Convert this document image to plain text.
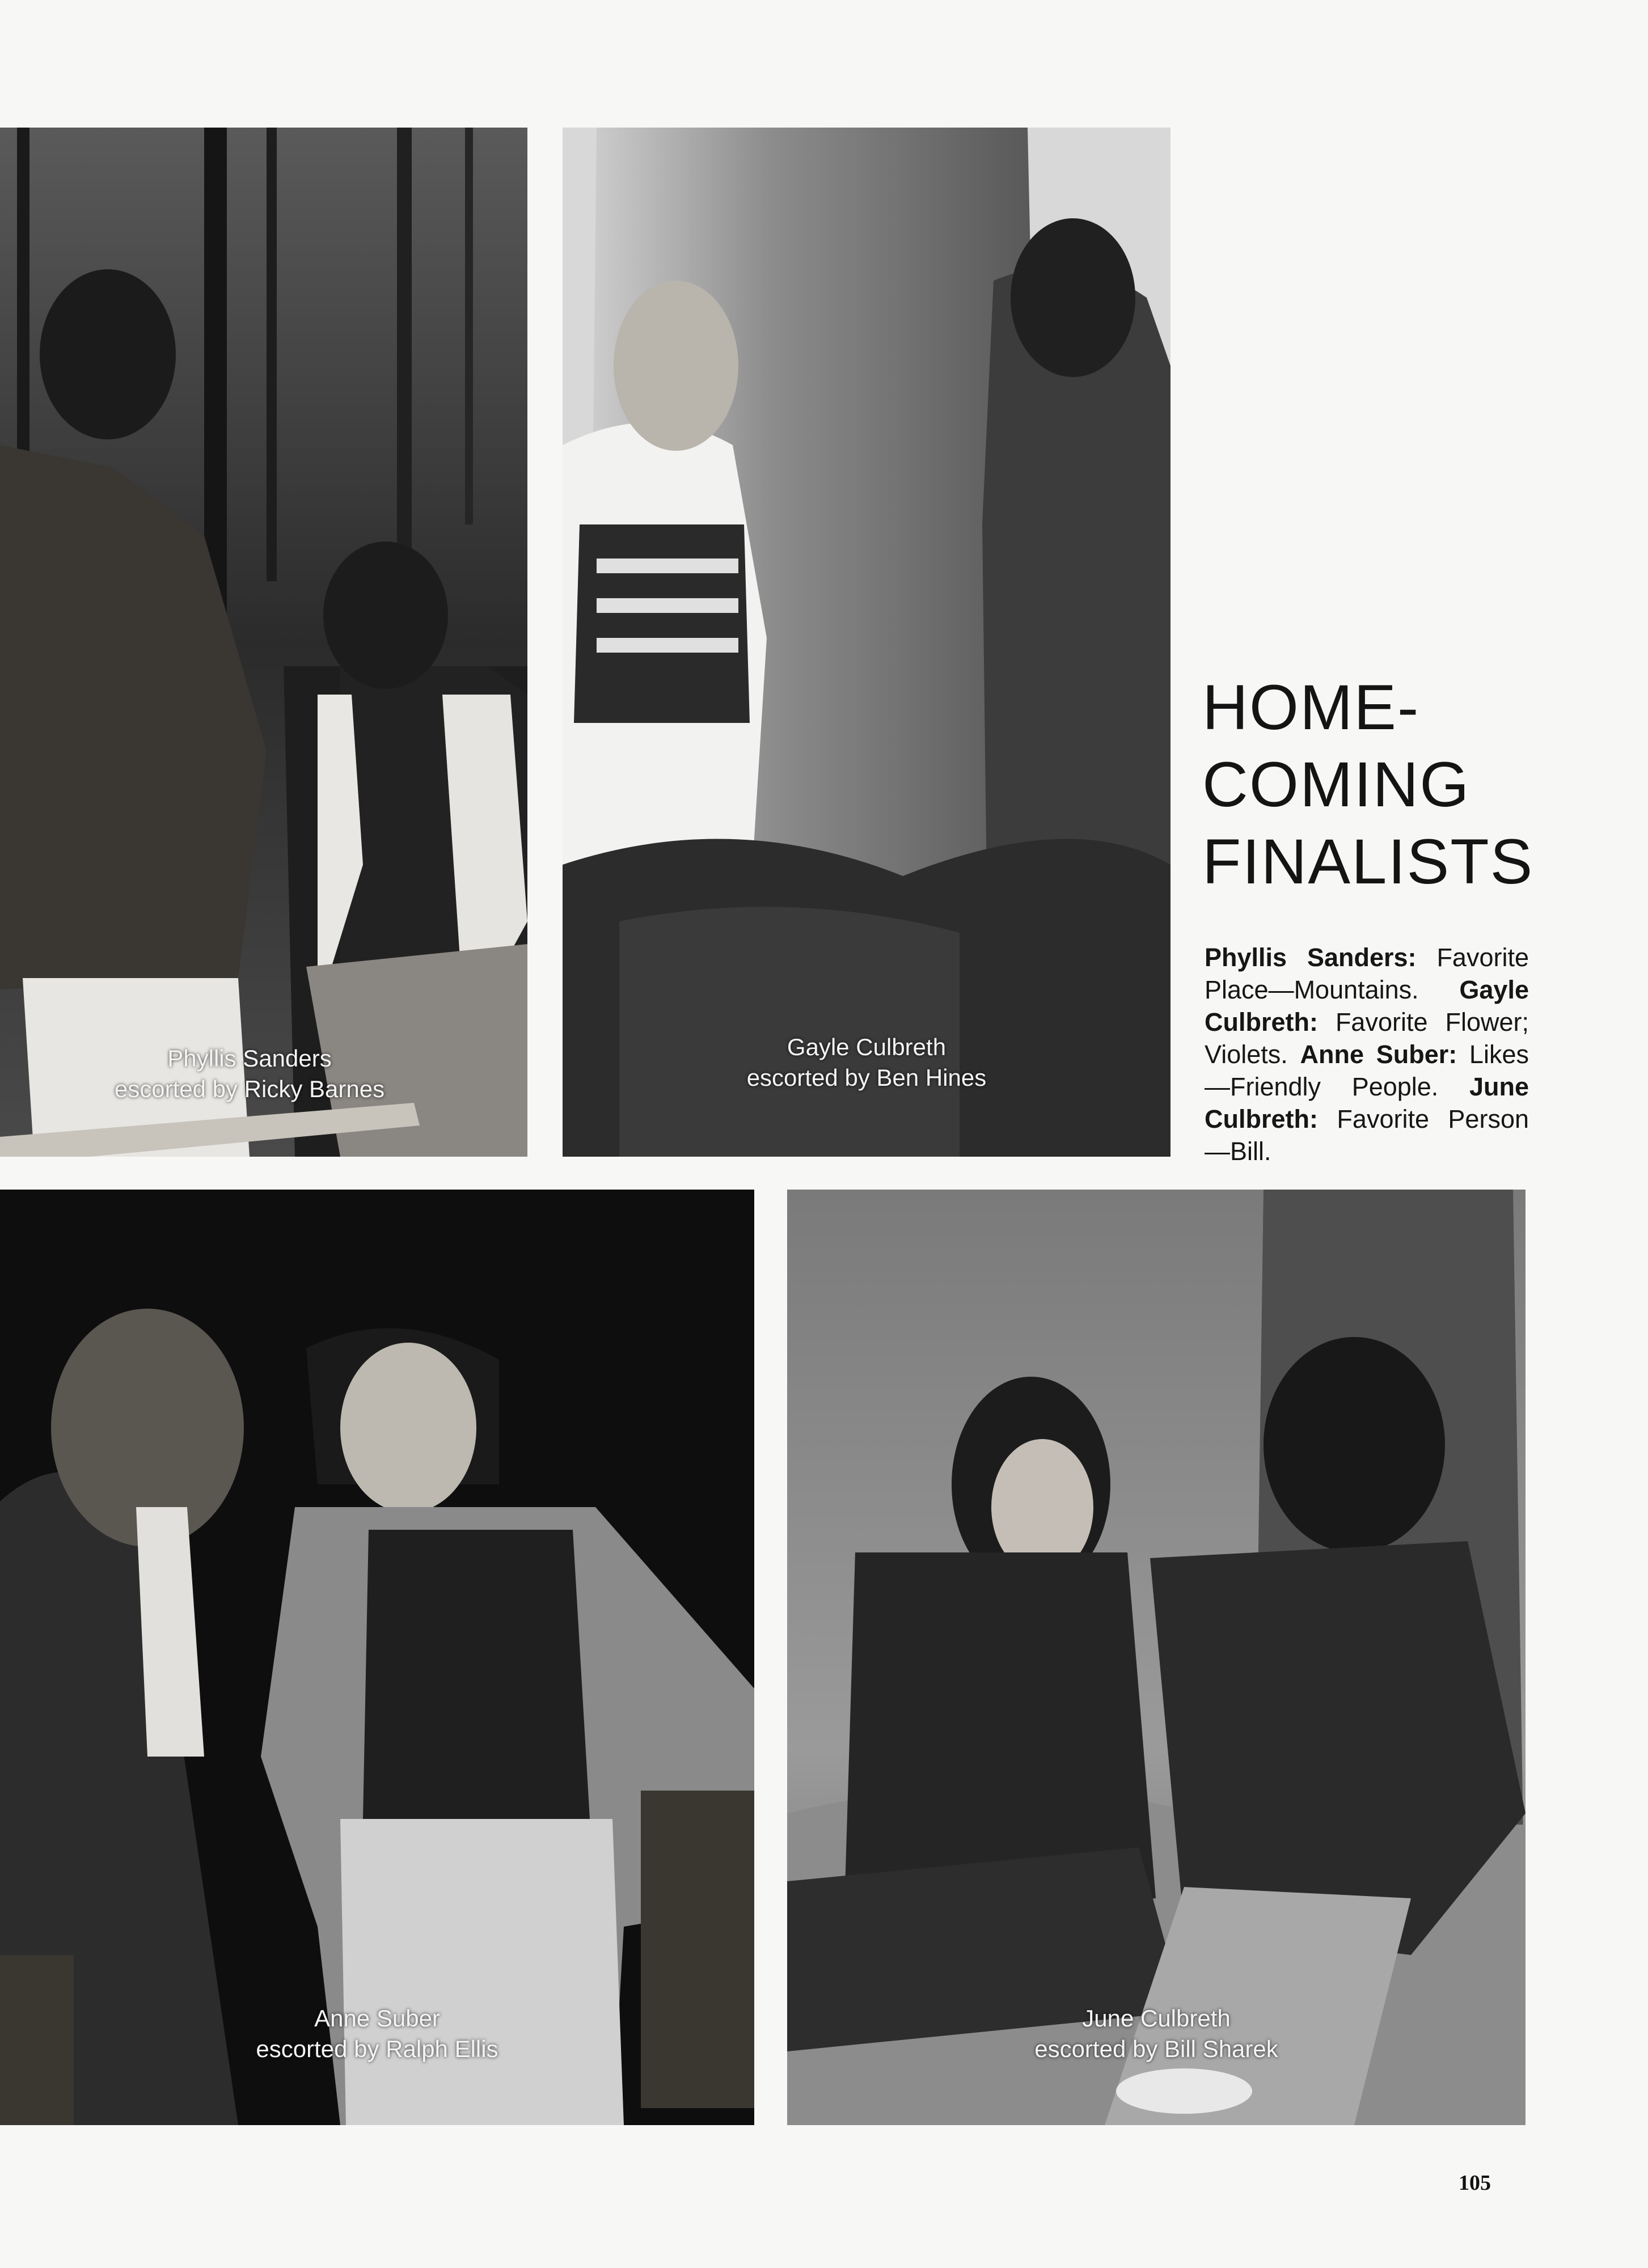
Phyllis Sanders
escorted by Ricky Barnes
Gayle Culbreth
escorted by Ben Hines
HOME-
COMING
FINALISTS
Phyllis Sanders: Favorite Place—Mountains. Gayle Culbreth: Favorite Flower; Violets. Anne Suber: Likes—Friendly People. June Culbreth: Favorite Person—Bill.
Anne Suber
escorted by Ralph Ellis
June Culbreth
escorted by Bill Sharek
105
